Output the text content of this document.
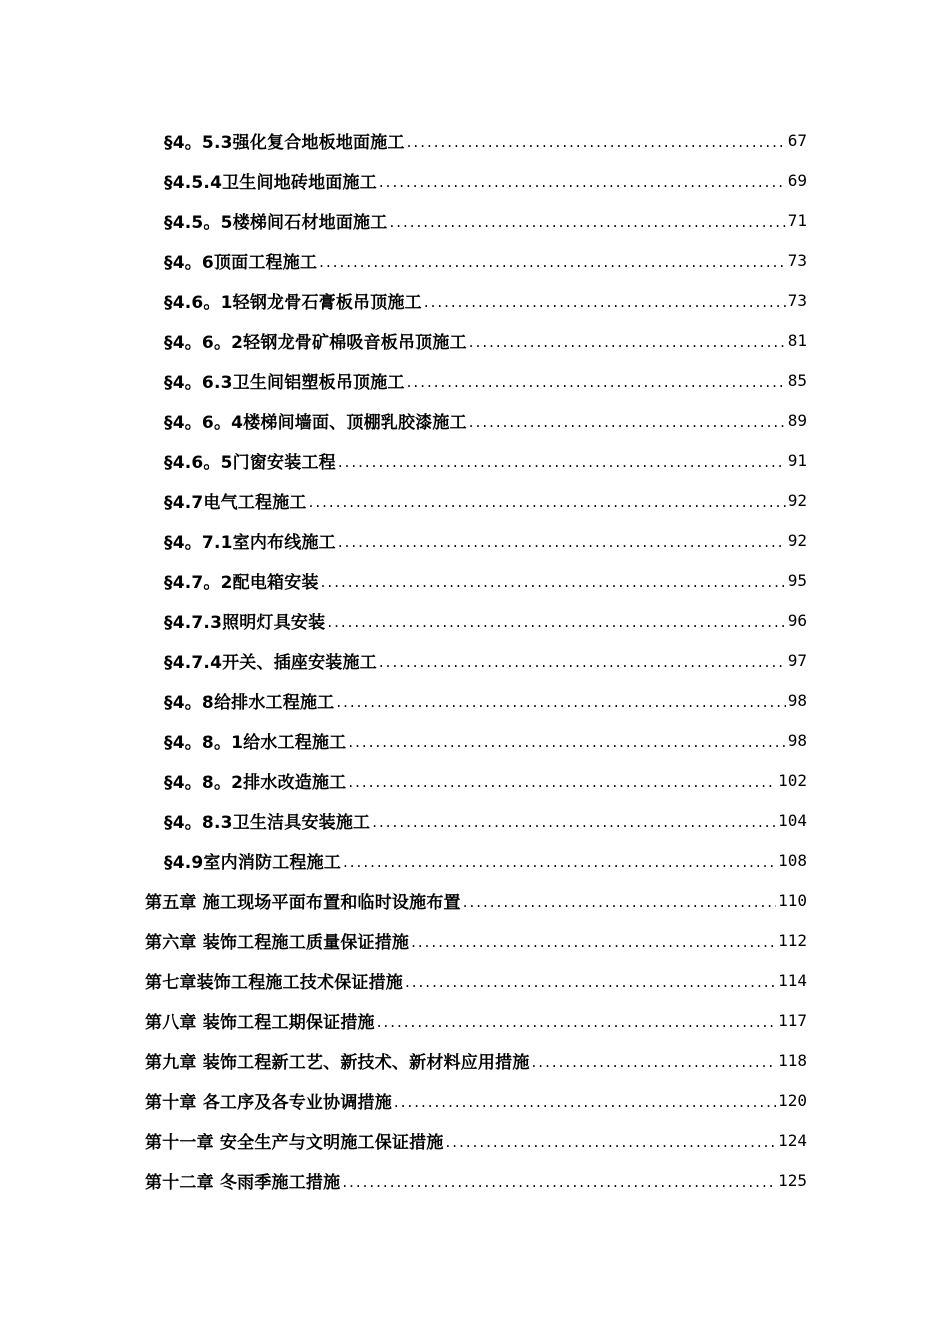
§4。5.3强化复合地板地面施工 .....	67
§4.5.4卫生间地砖地面施工 .....	69
§4.5。5楼梯间石材地面施工 .....	71
§4。6顶面工程施工 .....	73
§4.6。1轻钢龙骨石膏板吊顶施工 .....	73
§4。6。2轻钢龙骨矿棉吸音板吊顶施工 .....	81
§4。6.3卫生间铝塑板吊顶施工 .....	85
§4。6。4楼梯间墙面、顶棚乳胶漆施工 .....	89
§4.6。5门窗安装工程 .....	91
§4.7电气工程施工 .....	92
§4。7.1室内布线施工 .....	92
§4.7。2配电箱安装 .....	95
§4.7.3照明灯具安装 .....	96
§4.7.4开关、插座安装施工 .....	97
§4。8给排水工程施工 .....	98
§4。8。1给水工程施工 .....	98
§4。8。2排水改造施工 .....	102
§4。8.3卫生洁具安装施工 .....	104
§4.9室内消防工程施工 .....	108
第五章 施工现场平面布置和临时设施布置 .....	110
第六章 装饰工程施工质量保证措施 .....	112
第七章装饰工程施工技术保证措施 .....	114
第八章 装饰工程工期保证措施 .....	117
第九章 装饰工程新工艺、新技术、新材料应用措施 .....	118
第十章 各工序及各专业协调措施 .....	120
第十一章 安全生产与文明施工保证措施 .....	124
第十二章 冬雨季施工措施 .....	125
